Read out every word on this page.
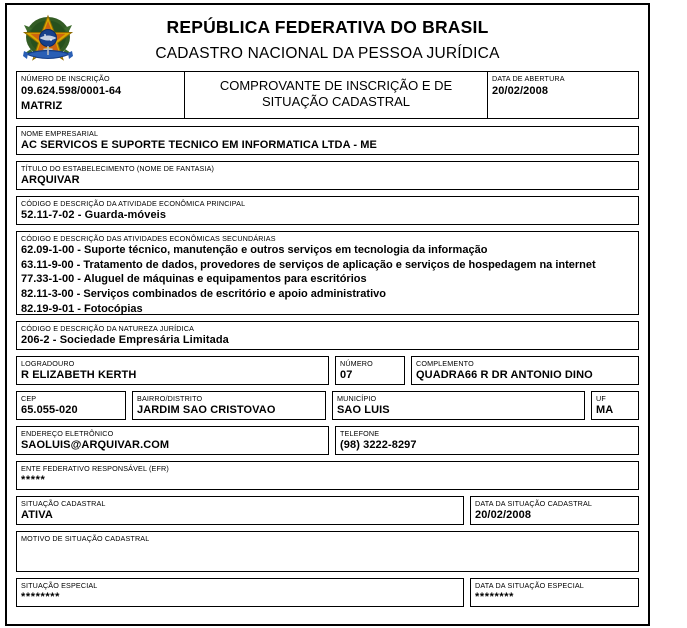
REPÚBLICA FEDERATIVA DO BRASIL
CADASTRO NACIONAL DA PESSOA JURÍDICA
NÚMERO DE INSCRIÇÃO
09.624.598/0001-64
MATRIZ
COMPROVANTE DE INSCRIÇÃO E DE SITUAÇÃO CADASTRAL
DATA DE ABERTURA
20/02/2008
NOME EMPRESARIAL
AC SERVICOS E SUPORTE TECNICO EM INFORMATICA LTDA - ME
TÍTULO DO ESTABELECIMENTO (NOME DE FANTASIA)
ARQUIVAR
CÓDIGO E DESCRIÇÃO DA ATIVIDADE ECONÔMICA PRINCIPAL
52.11-7-02 - Guarda-móveis
CÓDIGO E DESCRIÇÃO DAS ATIVIDADES ECONÔMICAS SECUNDÁRIAS
62.09-1-00 - Suporte técnico, manutenção e outros serviços em tecnologia da informação
63.11-9-00 - Tratamento de dados, provedores de serviços de aplicação e serviços de hospedagem na internet
77.33-1-00 - Aluguel de máquinas e equipamentos para escritórios
82.11-3-00 - Serviços combinados de escritório e apoio administrativo
82.19-9-01 - Fotocópias
CÓDIGO E DESCRIÇÃO DA NATUREZA JURÍDICA
206-2 - Sociedade Empresária Limitada
LOGRADOURO
R ELIZABETH KERTH
NÚMERO
07
COMPLEMENTO
QUADRA66 R DR ANTONIO DINO
CEP
65.055-020
BAIRRO/DISTRITO
JARDIM SAO CRISTOVAO
MUNICÍPIO
SAO LUIS
UF
MA
ENDEREÇO ELETRÔNICO
SAOLUIS@ARQUIVAR.COM
TELEFONE
(98) 3222-8297
ENTE FEDERATIVO RESPONSÁVEL (EFR)
*****
SITUAÇÃO CADASTRAL
ATIVA
DATA DA SITUAÇÃO CADASTRAL
20/02/2008
MOTIVO DE SITUAÇÃO CADASTRAL
SITUAÇÃO ESPECIAL
********
DATA DA SITUAÇÃO ESPECIAL
********
